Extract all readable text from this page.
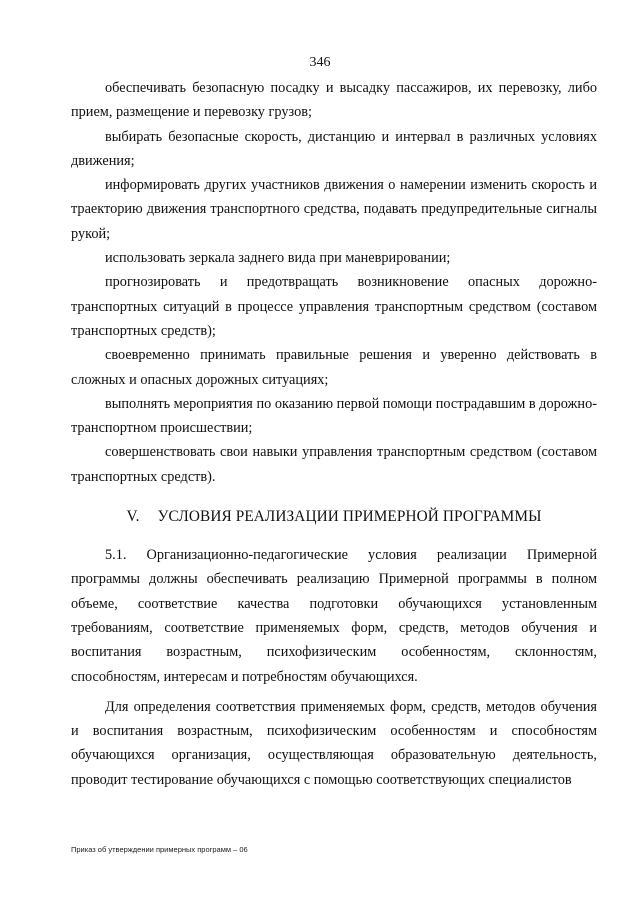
346

обеспечивать безопасную посадку и высадку пассажиров, их перевозку, либо прием, размещение и перевозку грузов;

выбирать безопасные скорость, дистанцию и интервал в различных условиях движения;

информировать других участников движения о намерении изменить скорость и траекторию движения транспортного средства, подавать предупредительные сигналы рукой;

использовать зеркала заднего вида при маневрировании;

прогнозировать и предотвращать возникновение опасных дорожно-транспортных ситуаций в процессе управления транспортным средством (составом транспортных средств);

своевременно принимать правильные решения и уверенно действовать в сложных и опасных дорожных ситуациях;

выполнять мероприятия по оказанию первой помощи пострадавшим в дорожно-транспортном происшествии;

совершенствовать свои навыки управления транспортным средством (составом транспортных средств).

V. УСЛОВИЯ РЕАЛИЗАЦИИ ПРИМЕРНОЙ ПРОГРАММЫ

5.1. Организационно-педагогические условия реализации Примерной программы должны обеспечивать реализацию Примерной программы в полном объеме, соответствие качества подготовки обучающихся установленным требованиям, соответствие применяемых форм, средств, методов обучения и воспитания возрастным, психофизическим особенностям, склонностям, способностям, интересам и потребностям обучающихся.

Для определения соответствия применяемых форм, средств, методов обучения и воспитания возрастным, психофизическим особенностям и способностям обучающихся организация, осуществляющая образовательную деятельность, проводит тестирование обучающихся с помощью соответствующих специалистов

Приказ об утверждении примерных программ – 06
